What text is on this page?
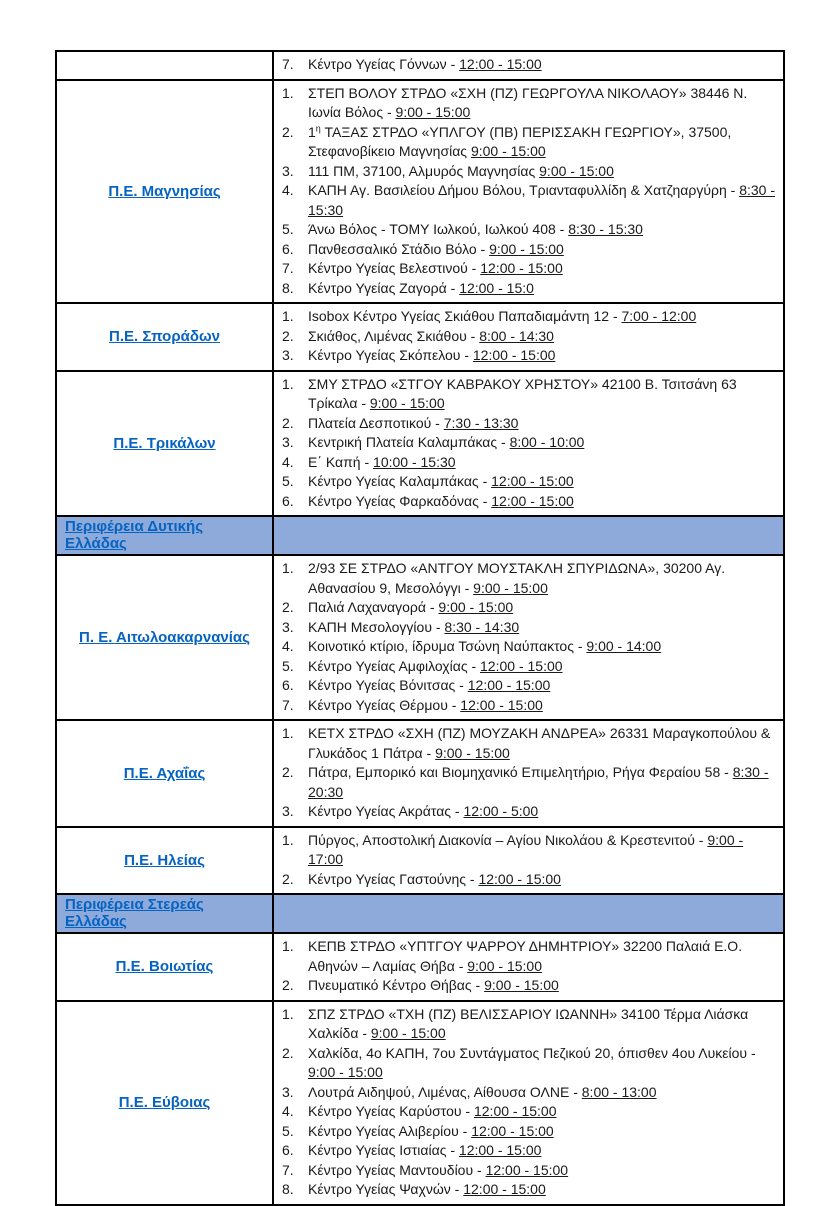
	7. Κέντρο Υγείας Γόννων - 12:00 - 15:00

Π.Ε. Μαγνησίας	
1.	ΣΤΕΠ ΒΟΛΟΥ ΣΤΡΔΟ «ΣΧΗ (ΠΖ) ΓΕΩΡΓΟΥΛΑ ΝΙΚΟΛΑΟΥ» 38446 Ν. Ιωνία Βόλος - 9:00 - 15:00
2.	$1^\eta$ ΤΑΞΑΣ ΣΤΡΔΟ «ΥΠΛΓΟΥ (ΠΒ) ΠΕΡΙΣΣΑΚΗ ΓΕΩΡΓΙΟΥ», 37500, Στεφανοβίκειο Μαγνησίας 9:00 - 15:00
3.	111 ΠΜ, 37100, Αλμυρός Μαγνησίας 9:00 - 15:00
4.	ΚΑΠΗ Αγ. Βασιλείου Δήμου Βόλου, Τριανταφυλλίδη & Χατζηαργύρη - 8:30 - 15:30
5.	Άνω Βόλος - ΤΟΜΥ Ιωλκού, Ιωλκού 408 - 8:30 - 15:30
6.	Πανθεσσαλικό Στάδιο Βόλο - 9:00 - 15:00
7.	Κέντρο Υγείας Βελεστινού - 12:00 - 15:00
8.	Κέντρο Υγείας Ζαγορά - 12:00 - 15:0

Π.Ε. Σποράδων	
1.	Isobox Κέντρο Υγείας Σκιάθου Παπαδιαμάντη 12 - 7:00 - 12:00
2.	Σκιάθος, Λιμένας Σκιάθου - 8:00 - 14:30
3.	Κέντρο Υγείας Σκόπελου - 12:00 - 15:00

Π.Ε. Τρικάλων	
1.	ΣΜΥ ΣΤΡΔΟ «ΣΤΓΟΥ ΚΑΒΡΑΚΟΥ ΧΡΗΣΤΟΥ» 42100 Β. Τσιτσάνη 63 Τρίκαλα - 9:00 - 15:00
2.	Πλατεία Δεσποτικού - 7:30 - 13:30
3.	Κεντρική Πλατεία Καλαμπάκας - 8:00 - 10:00
4.	Ε΄ Καπή - 10:00 - 15:30
5.	Κέντρο Υγείας Καλαμπάκας - 12:00 - 15:00
6.	Κέντρο Υγείας Φαρκαδόνας - 12:00 - 15:00

Περιφέρεια Δυτικής Ελλάδας	
Π. Ε. Αιτωλοακαρνανίας	
1.	2/93 ΣΕ ΣΤΡΔΟ «ΑΝΤΓΟΥ ΜΟΥΣΤΑΚΛΗ ΣΠΥΡΙΔΩΝΑ», 30200 Αγ. Αθανασίου 9, Μεσολόγγι - 9:00 - 15:00
2.	Παλιά Λαχαναγορά - 9:00 - 15:00
3.	ΚΑΠΗ Μεσολογγίου - 8:30 - 14:30
4.	Κοινοτικό κτίριο, ίδρυμα Τσώνη Ναύπακτος - 9:00 - 14:00
5.	Κέντρο Υγείας Αμφιλοχίας - 12:00 - 15:00
6.	Κέντρο Υγείας Βόνιτσας - 12:00 - 15:00
7.	Κέντρο Υγείας Θέρμου - 12:00 - 15:00

Π.Ε. Αχαΐας	
1.	ΚΕΤΧ ΣΤΡΔΟ «ΣΧΗ (ΠΖ) ΜΟΥΖΑΚΗ ΑΝΔΡΕΑ» 26331 Μαραγκοπούλου & Γλυκάδος 1 Πάτρα - 9:00 - 15:00
2.	Πάτρα, Εμπορικό και Βιομηχανικό Επιμελητήριο, Ρήγα Φεραίου 58 - 8:30 - 20:30
3.	Κέντρο Υγείας Ακράτας - 12:00 - 5:00

Π.Ε. Ηλείας	1. Πύργος, Αποστολική Διακονία – Αγίου Νικολάου & Κρεστενιτού - 9:00 - 17:00
2. Κέντρο Υγείας Γαστούνης - 12:00 - 15:00

Περιφέρεια Στερεάς Ελλάδας	
Π.Ε. Βοιωτίας	1. ΚΕΠΒ ΣΤΡΔΟ «ΥΠΤΓΟΥ ΨΑΡΡΟΥ ΔΗΜΗΤΡΙΟΥ» 32200 Παλαιά Ε.Ο. Αθηνών – Λαμίας Θήβα - 9:00 - 15:00
2. Πνευματικό Κέντρο Θήβας - 9:00 - 15:00

Π.Ε. Εύβοιας	
1.	ΣΠΖ ΣΤΡΔΟ «ΤΧΗ (ΠΖ) ΒΕΛΙΣΣΑΡΙΟΥ ΙΩΑΝΝΗ» 34100 Τέρμα Λιάσκα Χαλκίδα - 9:00 - 15:00
2.	Χαλκίδα, 4ο ΚΑΠΗ, 7ου Συντάγματος Πεζικού 20, όπισθεν 4ου Λυκείου - 9:00 - 15:00
3.	Λουτρά Αιδηψού, Λιμένας, Αίθουσα ΟΛΝΕ - 8:00 - 13:00
4.	Κέντρο Υγείας Καρύστου - 12:00 - 15:00
5.	Κέντρο Υγείας Αλιβερίου - 12:00 - 15:00
6.	Κέντρο Υγείας Ιστιαίας - 12:00 - 15:00
7.	Κέντρο Υγείας Μαντουδίου - 12:00 - 15:00
8.	Κέντρο Υγείας Ψαχνών - 12:00 - 15:00
